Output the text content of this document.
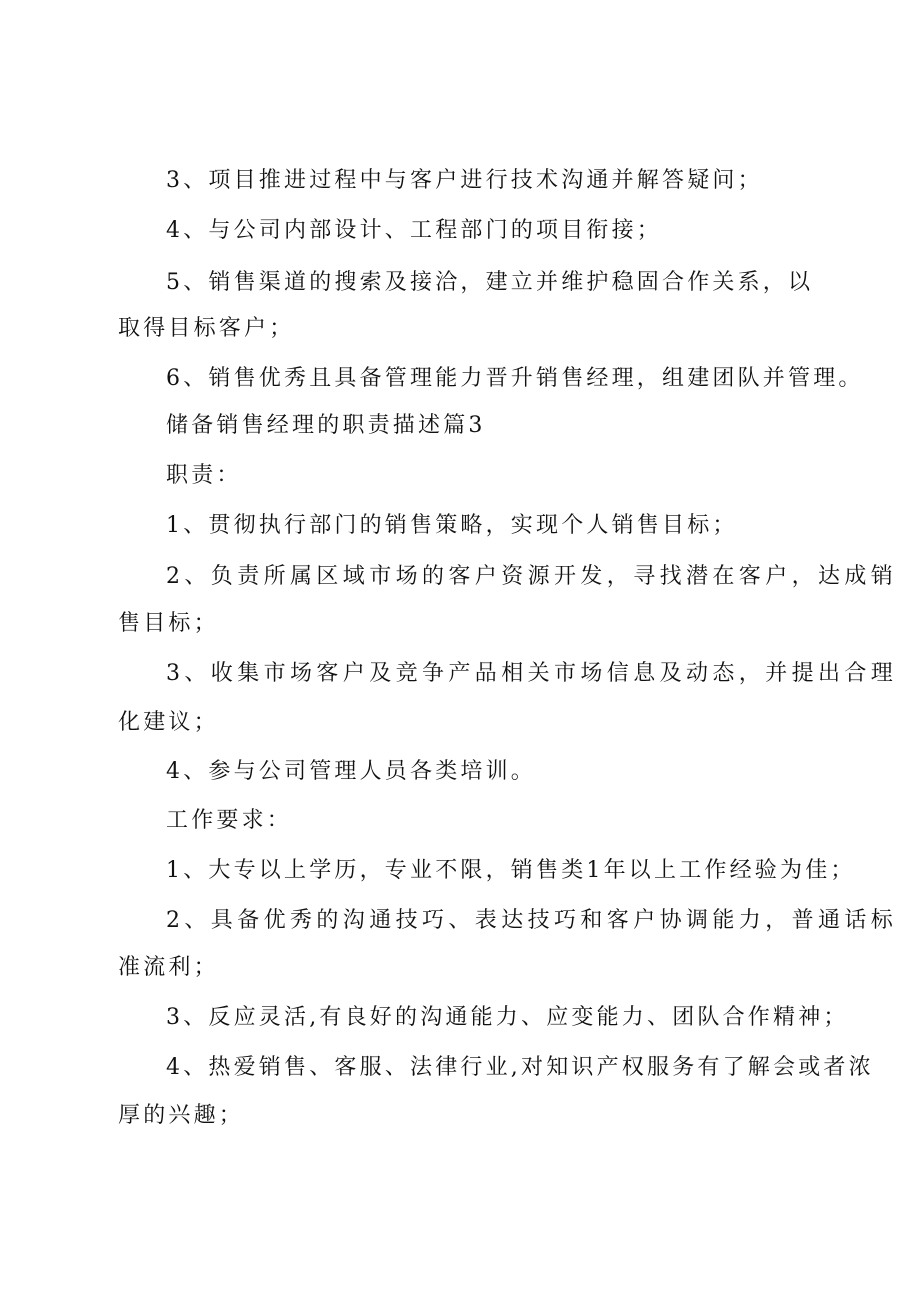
3、项目推进过程中与客户进行技术沟通并解答疑问；

4、与公司内部设计、工程部门的项目衔接；

5、销售渠道的搜索及接洽，建立并维护稳固合作关系，以

取得目标客户；

6、销售优秀且具备管理能力晋升销售经理，组建团队并管理。

储备销售经理的职责描述篇3

职责：

1、贯彻执行部门的销售策略，实现个人销售目标；

2、负责所属区域市场的客户资源开发，寻找潜在客户，达成销

售目标；

3、收集市场客户及竞争产品相关市场信息及动态，并提出合理

化建议；

4、参与公司管理人员各类培训。

工作要求：

1、大专以上学历，专业不限，销售类1年以上工作经验为佳；

2、具备优秀的沟通技巧、表达技巧和客户协调能力，普通话标

准流利；

3、反应灵活,有良好的沟通能力、应变能力、团队合作精神；

4、热爱销售、客服、法律行业,对知识产权服务有了解会或者浓

厚的兴趣；
